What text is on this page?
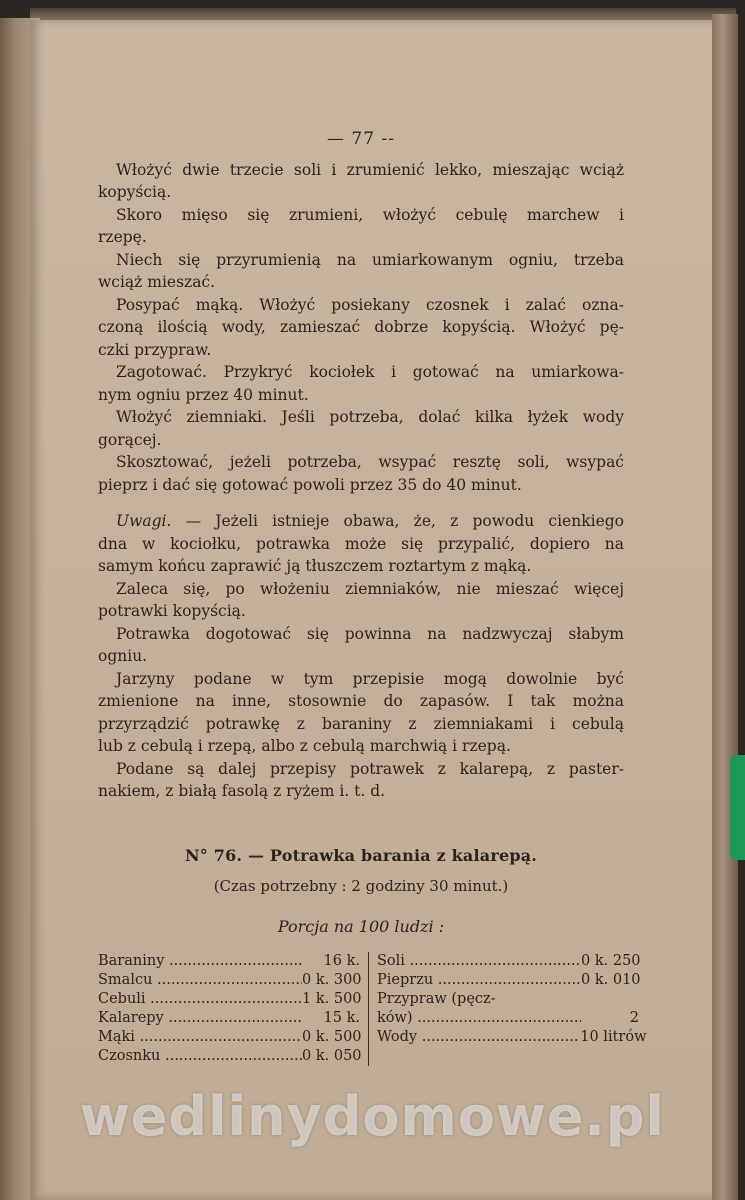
— 77 --
Włożyć dwie trzecie soli i zrumienić lekko, mieszając wciąż
kopyścią.
Skoro mięso się zrumieni, włożyć cebulę marchew i
rzepę.
Niech się przyrumienią na umiarkowanym ogniu, trzeba
wciąż mieszać.
Posypać mąką. Włożyć posiekany czosnek i zalać ozna-
czoną ilością wody, zamieszać dobrze kopyścią. Włożyć pę-
czki przypraw.
Zagotować. Przykryć kociołek i gotować na umiarkowa-
nym ogniu przez 40 minut.
Włożyć ziemniaki. Jeśli potrzeba, dolać kilka łyżek wody
gorącej.
Skosztować, jeżeli potrzeba, wsypać resztę soli, wsypać
pieprz i dać się gotować powoli przez 35 do 40 minut.
Uwagi. — Jeżeli istnieje obawa, że, z powodu cienkiego
dna w kociołku, potrawka może się przypalić, dopiero na
samym końcu zaprawić ją tłuszczem roztartym z mąką.
Zaleca się, po włożeniu ziemniaków, nie mieszać więcej
potrawki kopyścią.
Potrawka dogotować się powinna na nadzwyczaj słabym
ogniu.
Jarzyny podane w tym przepisie mogą dowolnie być
zmienione na inne, stosownie do zapasów. I tak można
przyrządzić potrawkę z baraniny z ziemniakami i cebulą
lub z cebulą i rzepą, albo z cebulą marchwią i rzepą.
Podane są dalej przepisy potrawek z kalarepą, z paster-
nakiem, z białą fasolą z ryżem i. t. d.
N° 76. — Potrawka barania z kalarepą.
(Czas potrzebny : 2 godziny 30 minut.)
Porcja na 100 ludzi :
Baraniny .....	16 k.
Smalcu .....	0 k. 300
Cebuli .....	1 k. 500
Kalarepy .....	15 k.
Mąki .....	0 k. 500
Czosnku .....	0 k. 050
Soli .....	0 k. 250
Pieprzu .....	0 k. 010
Przypraw (pęcz-
ków) .....	2
Wody .....	10 litrów
wedlinydomowe.pl
